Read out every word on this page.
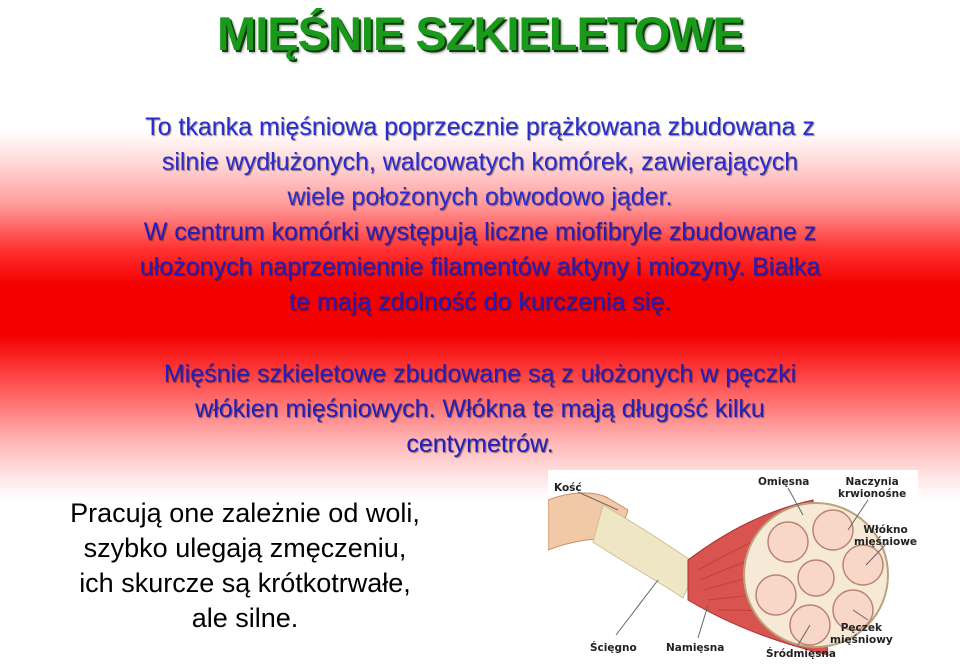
MIĘŚNIE SZKIELETOWE
To tkanka mięśniowa poprzecznie prążkowana zbudowana z
silnie wydłużonych, walcowatych komórek, zawierających
wiele położonych obwodowo jąder.
W centrum komórki występują liczne miofibryle zbudowane z
ułożonych naprzemiennie filamentów aktyny i miozyny. Białka
te mają zdolność do kurczenia się.
Mięśnie szkieletowe zbudowane są z ułożonych w pęczki
włókien mięśniowych. Włókna te mają długość kilku
centymetrów.
Pracują one zależnie od woli,
szybko ulegają zmęczeniu,
ich skurcze są krótkotrwałe,
ale silne.
Kość	Omięsna	Naczynia
krwionośne
Włókno
mięśniowe
Pęczek
mięśniowy
Ścięgno	Namięsna	Śródmięsna
